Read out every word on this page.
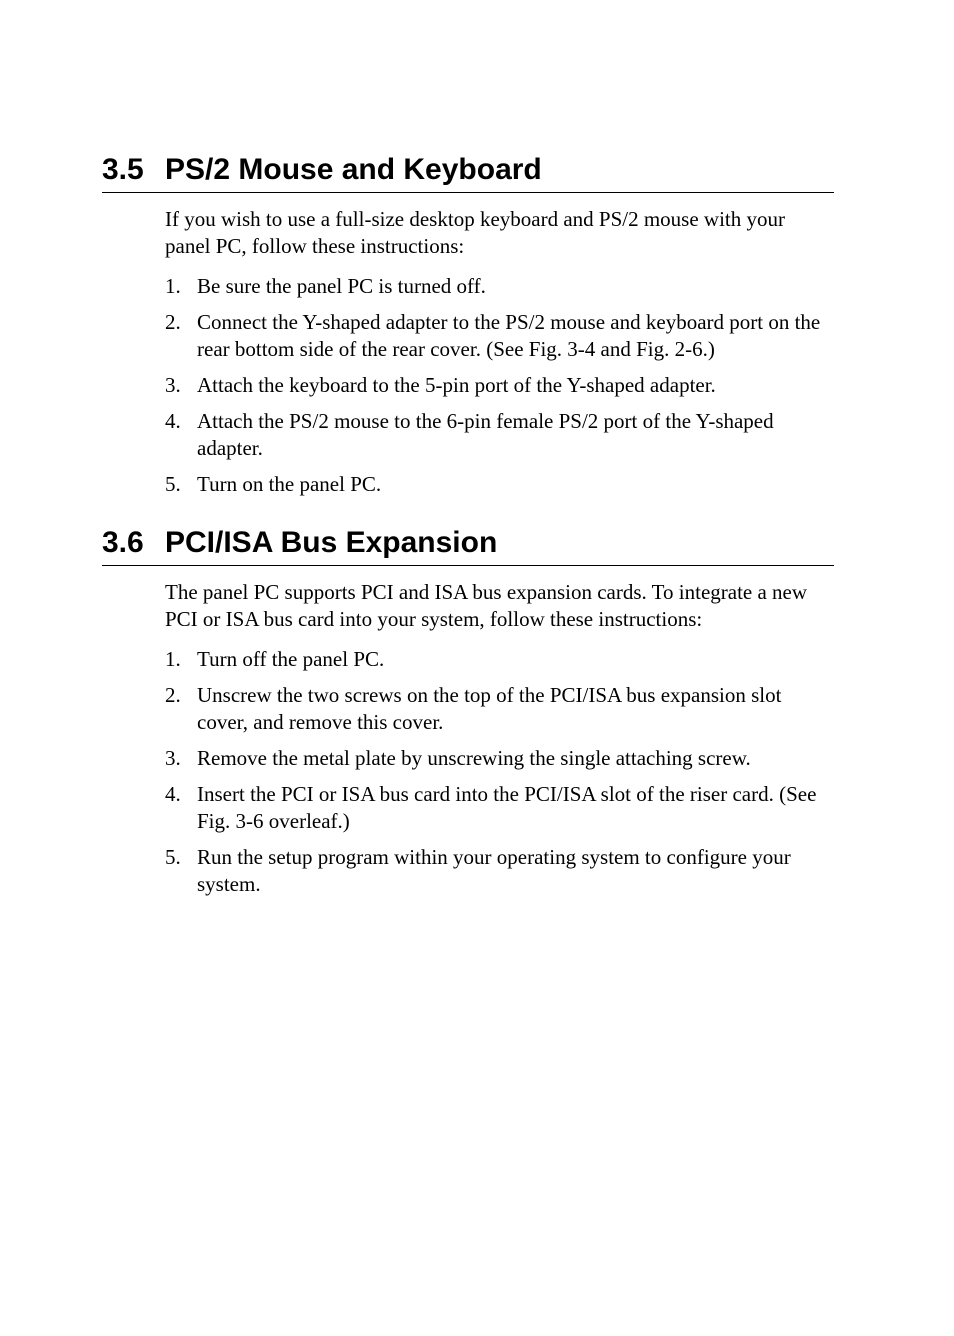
3.5 PS/2 Mouse and Keyboard

If you wish to use a full-size desktop keyboard and PS/2 mouse with your panel PC, follow these instructions:

1. Be sure the panel PC is turned off.
2. Connect the Y-shaped adapter to the PS/2 mouse and keyboard port on the rear bottom side of the rear cover. (See Fig. 3-4 and Fig. 2-6.)
3. Attach the keyboard to the 5-pin port of the Y-shaped adapter.
4. Attach the PS/2 mouse to the 6-pin female PS/2 port of the Y-shaped adapter.
5. Turn on the panel PC.
3.6 PCI/ISA Bus Expansion

The panel PC supports PCI and ISA bus expansion cards. To integrate a new PCI or ISA bus card into your system, follow these instructions:

1. Turn off the panel PC.
2. Unscrew the two screws on the top of the PCI/ISA bus expansion slot cover, and remove this cover.
3. Remove the metal plate by unscrewing the single attaching screw.
4. Insert the PCI or ISA bus card into the PCI/ISA slot of the riser card. (See Fig. 3-6 overleaf.)
5. Run the setup program within your operating system to configure your system.
